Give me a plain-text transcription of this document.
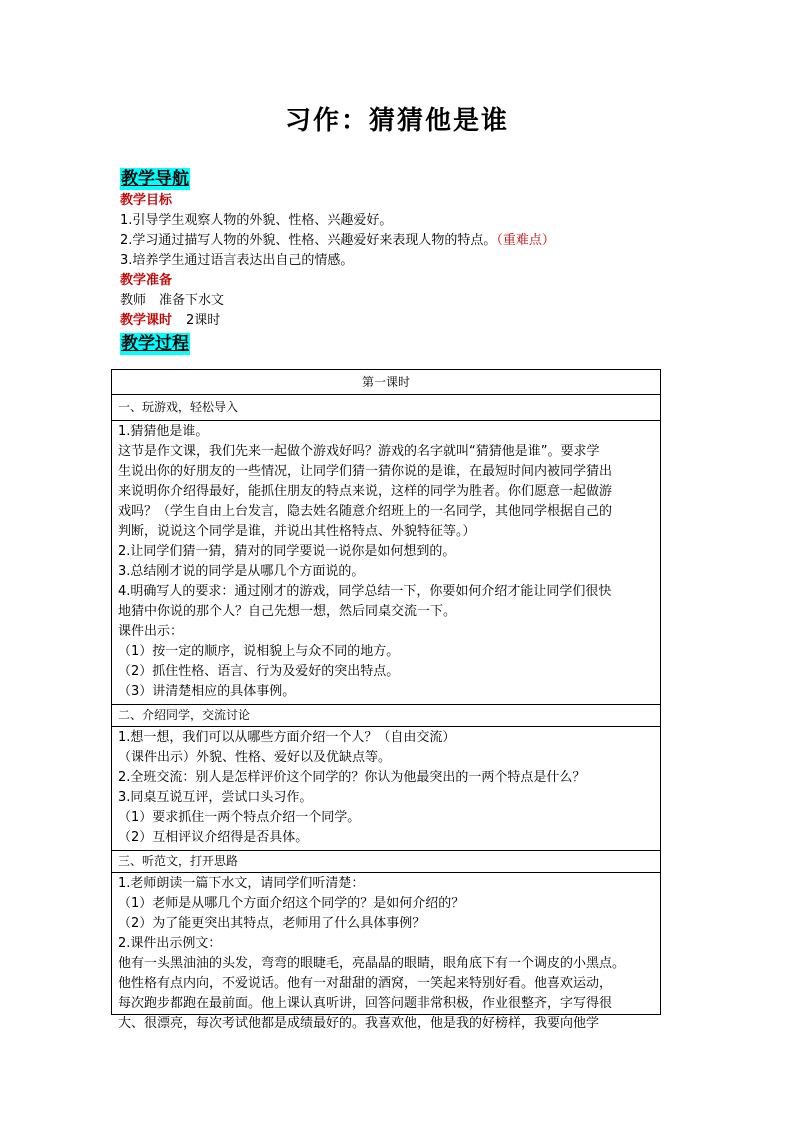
习作：猜猜他是谁
教学导航
教学目标
1.引导学生观察人物的外貌、性格、兴趣爱好。
2.学习通过描写人物的外貌、性格、兴趣爱好来表现人物的特点。（重难点）
3.培养学生通过语言表达出自己的情感。
教学准备
教师　准备下水文
教学课时 2课时
教学过程
第一课时
一、玩游戏，轻松导入
1.猜猜他是谁。
这节是作文课，我们先来一起做个游戏好吗？游戏的名字就叫“猜猜他是谁”。要求学
生说出你的好朋友的一些情况，让同学们猜一猜你说的是谁，在最短时间内被同学猜出
来说明你介绍得最好，能抓住朋友的特点来说，这样的同学为胜者。你们愿意一起做游
戏吗？（学生自由上台发言，隐去姓名随意介绍班上的一名同学，其他同学根据自己的
判断，说说这个同学是谁，并说出其性格特点、外貌特征等。）
2.让同学们猜一猜，猜对的同学要说一说你是如何想到的。
3.总结刚才说的同学是从哪几个方面说的。
4.明确写人的要求：通过刚才的游戏，同学总结一下，你要如何介绍才能让同学们很快
地猜中你说的那个人？自己先想一想，然后同桌交流一下。
课件出示：
（1）按一定的顺序，说相貌上与众不同的地方。
（2）抓住性格、语言、行为及爱好的突出特点。
（3）讲清楚相应的具体事例。
二、介绍同学，交流讨论
1.想一想，我们可以从哪些方面介绍一个人？（自由交流）
（课件出示）外貌、性格、爱好以及优缺点等。
2.全班交流：别人是怎样评价这个同学的？你认为他最突出的一两个特点是什么？
3.同桌互说互评，尝试口头习作。
（1）要求抓住一两个特点介绍一个同学。
（2）互相评议介绍得是否具体。
三、听范文，打开思路
1.老师朗读一篇下水文，请同学们听清楚：
（1）老师是从哪几个方面介绍这个同学的？是如何介绍的？
（2）为了能更突出其特点，老师用了什么具体事例？
2.课件出示例文：
他有一头黑油油的头发，弯弯的眼睫毛，亮晶晶的眼睛，眼角底下有一个调皮的小黑点。
他性格有点内向，不爱说话。他有一对甜甜的酒窝，一笑起来特别好看。他喜欢运动，
每次跑步都跑在最前面。他上课认真听讲，回答问题非常积极，作业很整齐，字写得很
大、很漂亮，每次考试他都是成绩最好的。我喜欢他，他是我的好榜样，我要向他学
